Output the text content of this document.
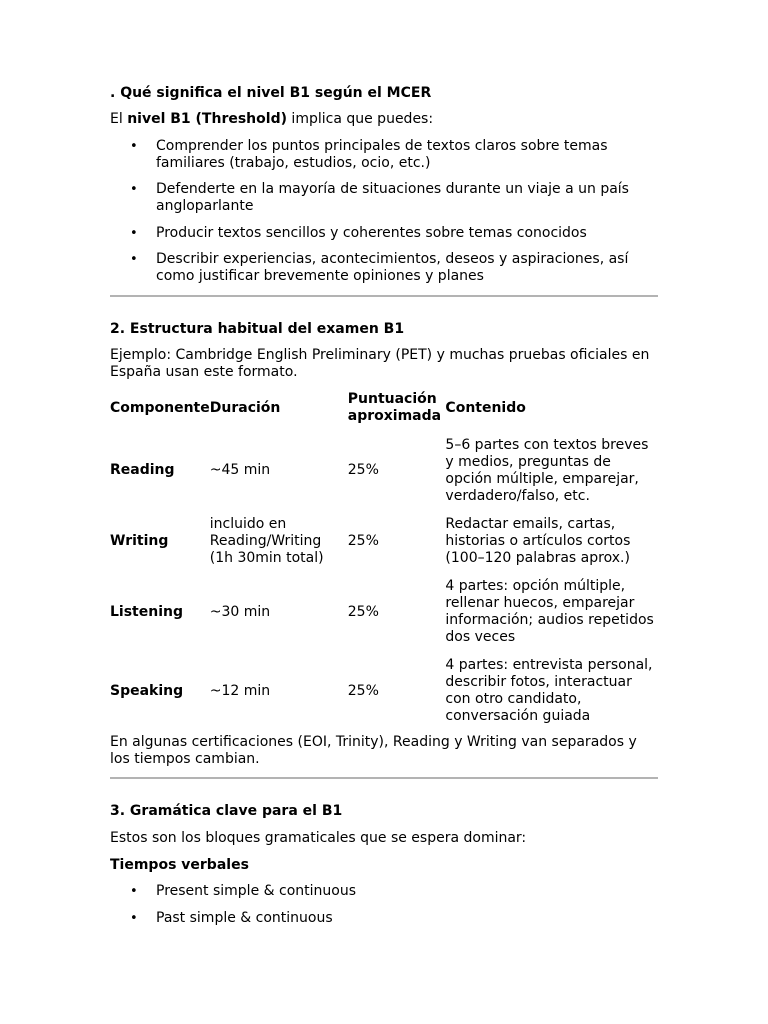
. Qué significa el nivel B1 según el MCER

El nivel B1 (Threshold) implica que puedes:

• Comprender los puntos principales de textos claros sobre temas familiares (trabajo, estudios, ocio, etc.)
• Defenderte en la mayoría de situaciones durante un viaje a un país angloparlante
• Producir textos sencillos y coherentes sobre temas conocidos
• Describir experiencias, acontecimientos, deseos y aspiraciones, así como justificar brevemente opiniones y planes
2. Estructura habitual del examen B1

Ejemplo: Cambridge English Preliminary (PET) y muchas pruebas oficiales en España usan este formato.

Componente	Duración	Puntuación aproximada	Contenido
Reading	~45 min	25%	5–6 partes con textos breves y medios, preguntas de opción múltiple, emparejar, verdadero/falso, etc.
Writing	incluido en Reading/Writing (1h 30min total)	25%	Redactar emails, cartas, historias o artículos cortos (100–120 palabras aprox.)
Listening	~30 min	25%	4 partes: opción múltiple, rellenar huecos, emparejar información; audios repetidos dos veces
Speaking	~12 min	25%	4 partes: entrevista personal, describir fotos, interactuar con otro candidato, conversación guiada

En algunas certificaciones (EOI, Trinity), Reading y Writing van separados y los tiempos cambian.

3. Gramática clave para el B1

Estos son los bloques gramaticales que se espera dominar:

Tiempos verbales
• Present simple & continuous
• Past simple & continuous
